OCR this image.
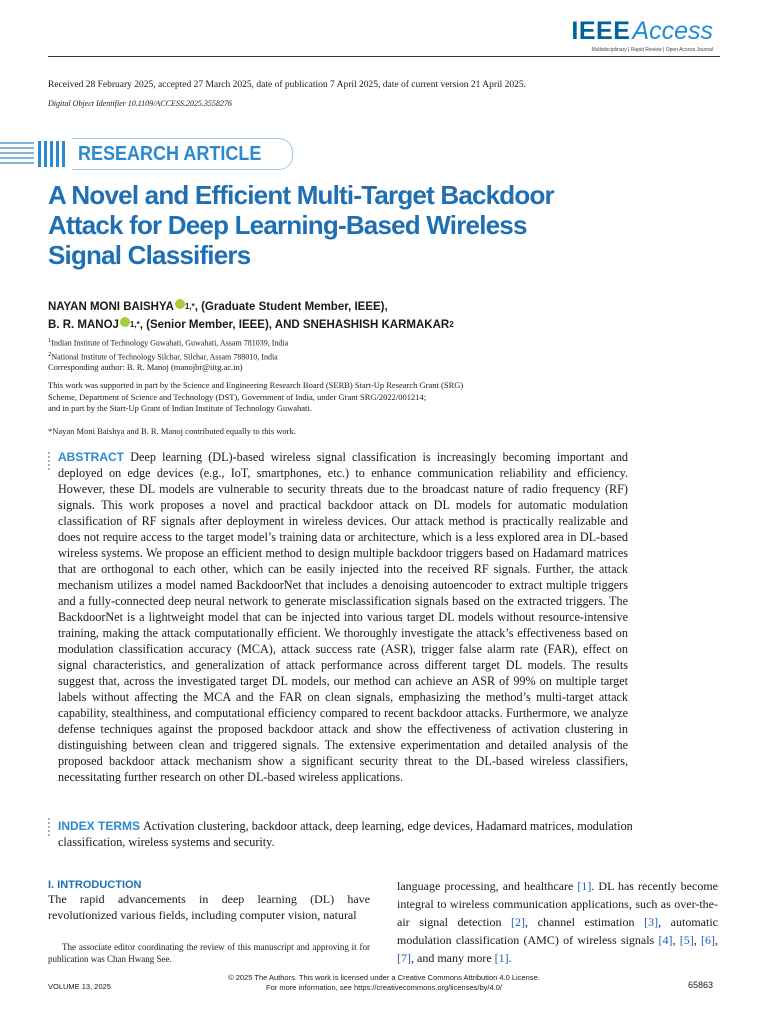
IEEEAccess
Multidisciplinary | Rapid Review | Open Access Journal
Received 28 February 2025, accepted 27 March 2025, date of publication 7 April 2025, date of current version 21 April 2025.
Digital Object Identifier 10.1109/ACCESS.2025.3558276
RESEARCH ARTICLE
A Novel and Efficient Multi-Target Backdoor Attack for Deep Learning-Based Wireless Signal Classifiers
NAYAN MONI BAISHYA $^{1,*}$, (Graduate Student Member, IEEE),
B. R. MANOJ $^{1,*}$, (Senior Member, IEEE), AND SNEHASHISH KARMAKAR$^2$
$^1$Indian Institute of Technology Guwahati, Guwahati, Assam 781039, India
$^2$National Institute of Technology Silchar, Silchar, Assam 788010, India
Corresponding author: B. R. Manoj (manojbr@iitg.ac.in)
This work was supported in part by the Science and Engineering Research Board (SERB) Start-Up Research Grant (SRG)
Scheme, Department of Science and Technology (DST), Government of India, under Grant SRG/2022/001214;
and in part by the Start-Up Grant of Indian Institute of Technology Guwahati.
*Nayan Moni Baishya and B. R. Manoj contributed equally to this work.
ABSTRACT Deep learning (DL)-based wireless signal classification is increasingly becoming important and deployed on edge devices (e.g., IoT, smartphones, etc.) to enhance communication reliability and efficiency. However, these DL models are vulnerable to security threats due to the broadcast nature of radio frequency (RF) signals. This work proposes a novel and practical backdoor attack on DL models for automatic modulation classification of RF signals after deployment in wireless devices. Our attack method is practically realizable and does not require access to the target model’s training data or architecture, which is a less explored area in DL-based wireless systems. We propose an efficient method to design multiple backdoor triggers based on Hadamard matrices that are orthogonal to each other, which can be easily injected into the received RF signals. Further, the attack mechanism utilizes a model named BackdoorNet that includes a denoising autoencoder to extract multiple triggers and a fully-connected deep neural network to generate misclassification signals based on the extracted triggers. The BackdoorNet is a lightweight model that can be injected into various target DL models without resource-intensive training, making the attack computationally efficient. We thoroughly investigate the attack’s effectiveness based on modulation classification accuracy (MCA), attack success rate (ASR), trigger false alarm rate (FAR), effect on signal characteristics, and generalization of attack performance across different target DL models. The results suggest that, across the investigated target DL models, our method can achieve an ASR of 99% on multiple target labels without affecting the MCA and the FAR on clean signals, emphasizing the method’s multi-target attack capability, stealthiness, and computational efficiency compared to recent backdoor attacks. Furthermore, we analyze defense techniques against the proposed backdoor attack and show the effectiveness of activation clustering in distinguishing between clean and triggered signals. The extensive experimentation and detailed analysis of the proposed backdoor attack mechanism show a significant security threat to the DL-based wireless classifiers, necessitating further research on other DL-based wireless applications.
INDEX TERMS Activation clustering, backdoor attack, deep learning, edge devices, Hadamard matrices, modulation classification, wireless systems and security.
I. INTRODUCTION
The rapid advancements in deep learning (DL) have revolutionized various fields, including computer vision, natural
The associate editor coordinating the review of this manuscript and approving it for publication was Chan Hwang See.
language processing, and healthcare [1]. DL has recently become integral to wireless communication applications, such as over-the-air signal detection [2], channel estimation [3], automatic modulation classification (AMC) of wireless signals [4], [5], [6], [7], and many more [1].
© 2025 The Authors. This work is licensed under a Creative Commons Attribution 4.0 License.
For more information, see https://creativecommons.org/licenses/by/4.0/
VOLUME 13, 2025	65863
